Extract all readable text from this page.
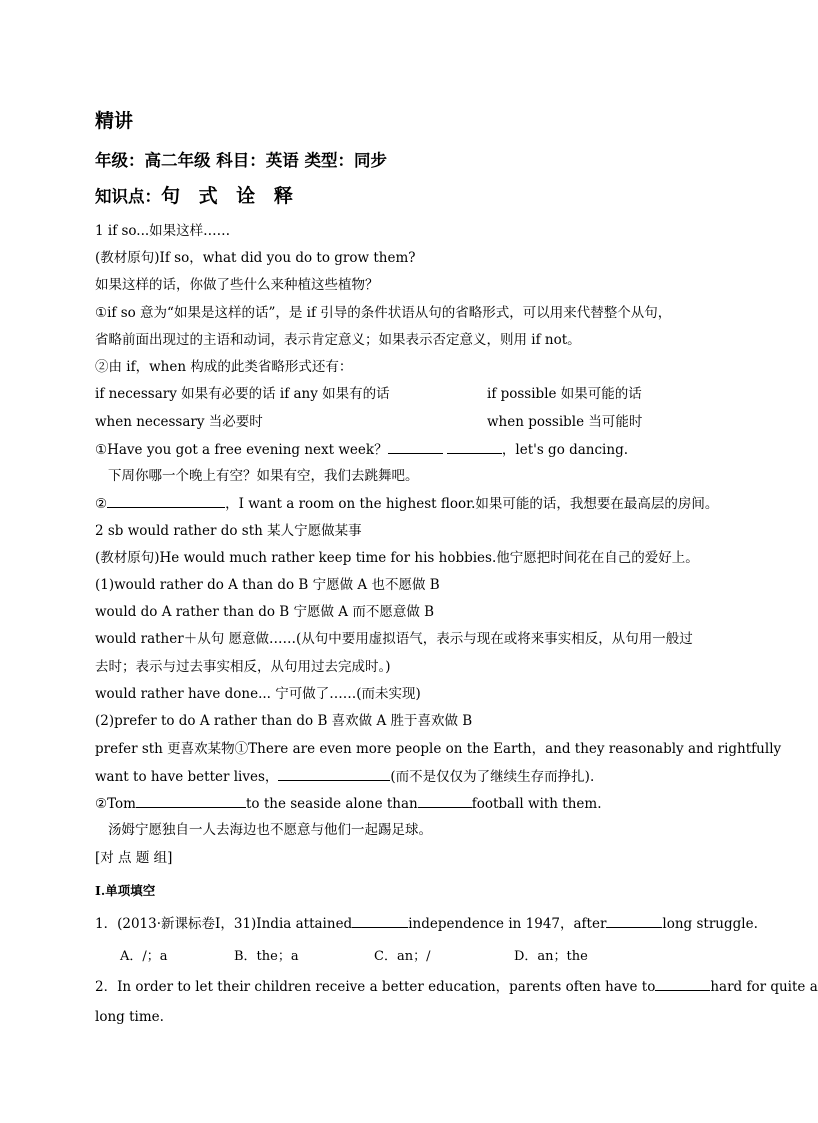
精讲
年级：高二年级 科目：英语 类型：同步
知识点：句 式 诠 释
1 if so...如果这样……
(教材原句)If so，what did you do to grow them?
如果这样的话，你做了些什么来种植这些植物？
①if so 意为“如果是这样的话”，是 if 引导的条件状语从句的省略形式，可以用来代替整个从句，
省略前面出现过的主语和动词，表示肯定意义；如果表示否定意义，则用 if not。
②由 if，when 构成的此类省略形式还有：
if necessary 如果有必要的话 if any 如果有的话	if possible 如果可能的话
when necessary 当必要时	when possible 当可能时
①Have you got a free evening next week？	，let's go dancing.
下周你哪一个晚上有空？如果有空，我们去跳舞吧。
②	，I want a room on the highest floor.如果可能的话，我想要在最高层的房间。
2 sb would rather do sth 某人宁愿做某事
(教材原句)He would much rather keep time for his hobbies.他宁愿把时间花在自己的爱好上。
(1)would rather do A than do B 宁愿做 A 也不愿做 B
would do A rather than do B 宁愿做 A 而不愿意做 B
would rather＋从句 愿意做……(从句中要用虚拟语气，表示与现在或将来事实相反，从句用一般过
去时；表示与过去事实相反，从句用过去完成时。)
would rather have done... 宁可做了……(而未实现)
(2)prefer to do A rather than do B 喜欢做 A 胜于喜欢做 B
prefer sth 更喜欢某物①There are even more people on the Earth，and they reasonably and rightfully
want to have better lives，	(而不是仅仅为了继续生存而挣扎).
②Tom	to the seaside alone than	football with them.
汤姆宁愿独自一人去海边也不愿意与他们一起踢足球。
[对 点 题 组]
Ⅰ.单项填空
1．(2013·新课标卷Ⅰ，31)India attained	independence in 1947，after	long struggle.
A．/；a	B．the；a	C．an；/	D．an；the
2．In order to let their children receive a better education，parents often have to	hard for quite a
long time.
